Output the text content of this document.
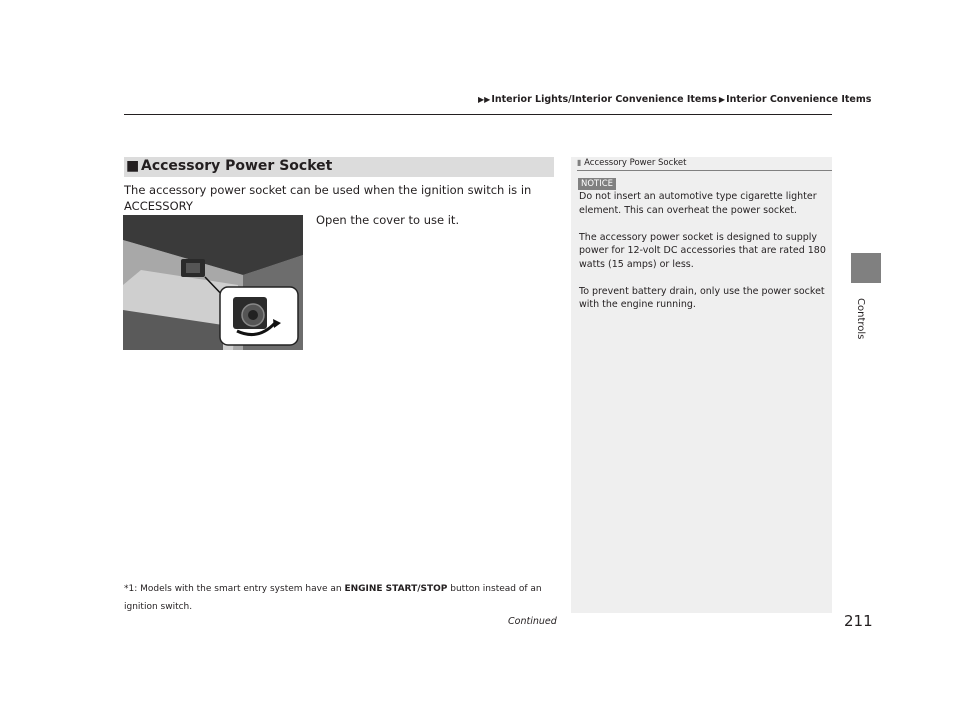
▶▶Interior Lights/Interior Convenience Items ▶Interior Convenience Items
Controls
■ Accessory Power Socket
The accessory power socket can be used when the ignition switch is in ACCESSORY

Open the cover to use it.
*1: Models with the smart entry system have an ENGINE START/STOP button instead of an ignition switch.
Continued	211
▮ Accessory Power Socket
NOTICE

Do not insert an automotive type cigarette lighter element. This can overheat the power socket.

The accessory power socket is designed to supply power for 12-volt DC accessories that are rated 180 watts (15 amps) or less.

To prevent battery drain, only use the power socket with the engine running.
